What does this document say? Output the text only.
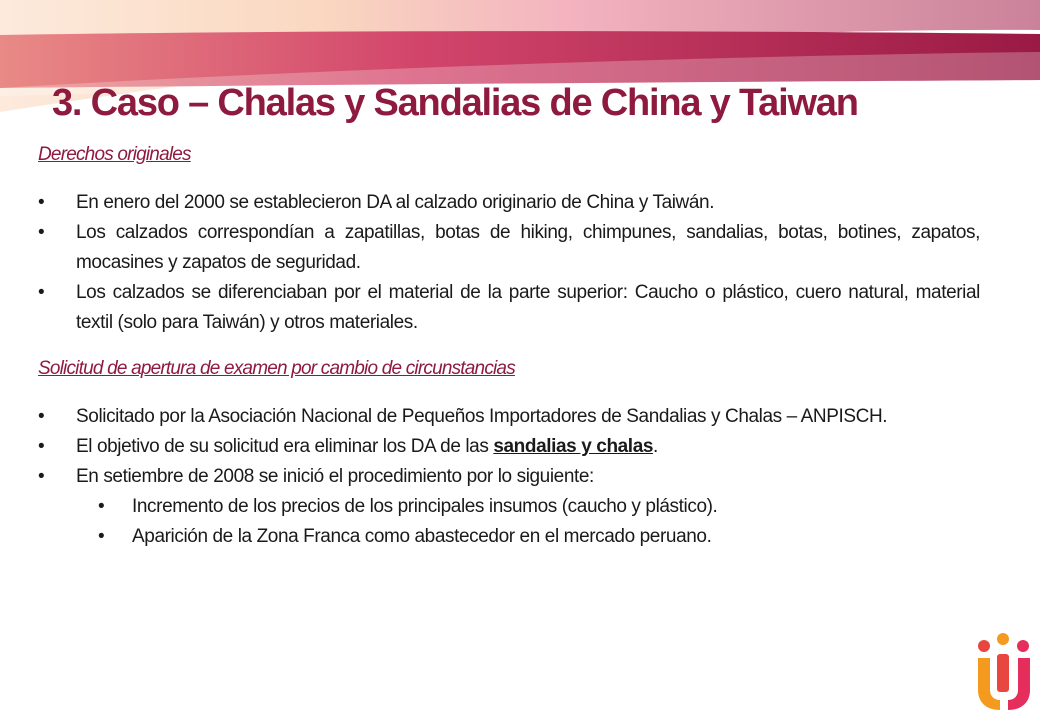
3. Caso – Chalas y Sandalias de China y Taiwan

Derechos originales

• En enero del 2000 se establecieron DA al calzado originario de China y Taiwán.
• Los calzados correspondían a zapatillas, botas de hiking, chimpunes, sandalias, botas, botines, zapatos, mocasines y zapatos de seguridad.
• Los calzados se diferenciaban por el material de la parte superior: Caucho o plástico, cuero natural, material textil (solo para Taiwán) y otros materiales.

Solicitud de apertura de examen por cambio de circunstancias

• Solicitado por la Asociación Nacional de Pequeños Importadores de Sandalias y Chalas – ANPISCH.
• El objetivo de su solicitud era eliminar los DA de las sandalias y chalas.
• En setiembre de 2008 se inició el procedimiento por lo siguiente:
• Incremento de los precios de los principales insumos (caucho y plástico).
• Aparición de la Zona Franca como abastecedor en el mercado peruano.
